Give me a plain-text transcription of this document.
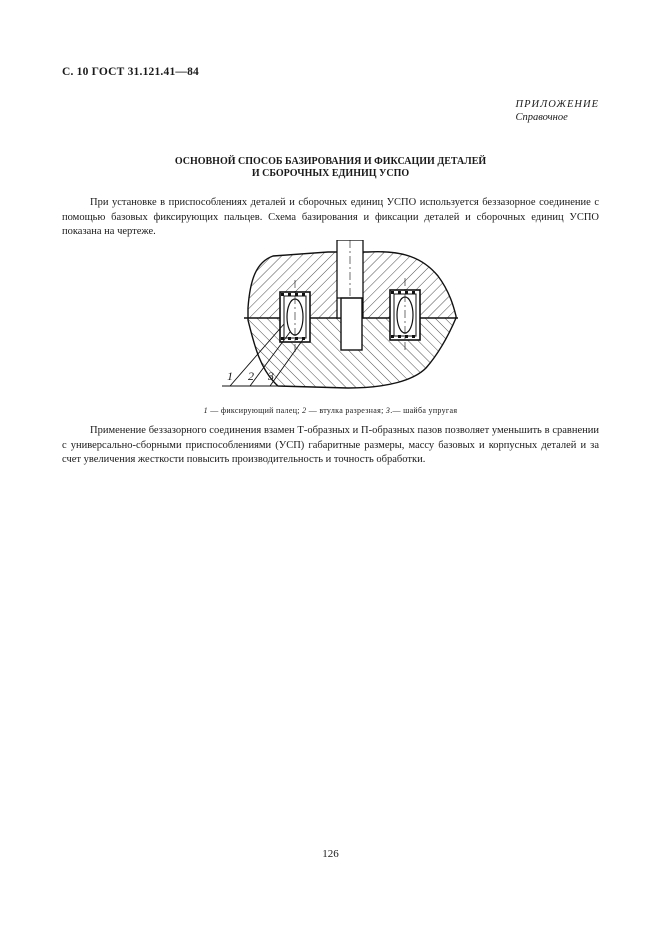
С. 10 ГОСТ 31.121.41—84
ПРИЛОЖЕНИЕ
Справочное
ОСНОВНОЙ СПОСОБ БАЗИРОВАНИЯ И ФИКСАЦИИ ДЕТАЛЕЙ
И СБОРОЧНЫХ ЕДИНИЦ УСПО

При установке в приспособлениях деталей и сборочных единиц УСПО используется беззазорное соединение с помощью базовых фиксирующих пальцев. Схема базирования и фиксации деталей и сборочных единиц УСПО показана на чертеже.

1 2 3
1 — фиксирующий палец; 2 — втулка разрезная; 3.— шайба упругая

Применение беззазорного соединения взамен Т-образных и П-образных пазов позволяет уменьшить в сравнении с универсально-сборными приспособлениями (УСП) габаритные размеры, массу базовых и корпусных деталей и за счет увеличения жесткости повысить производительность и точность обработки.

126
